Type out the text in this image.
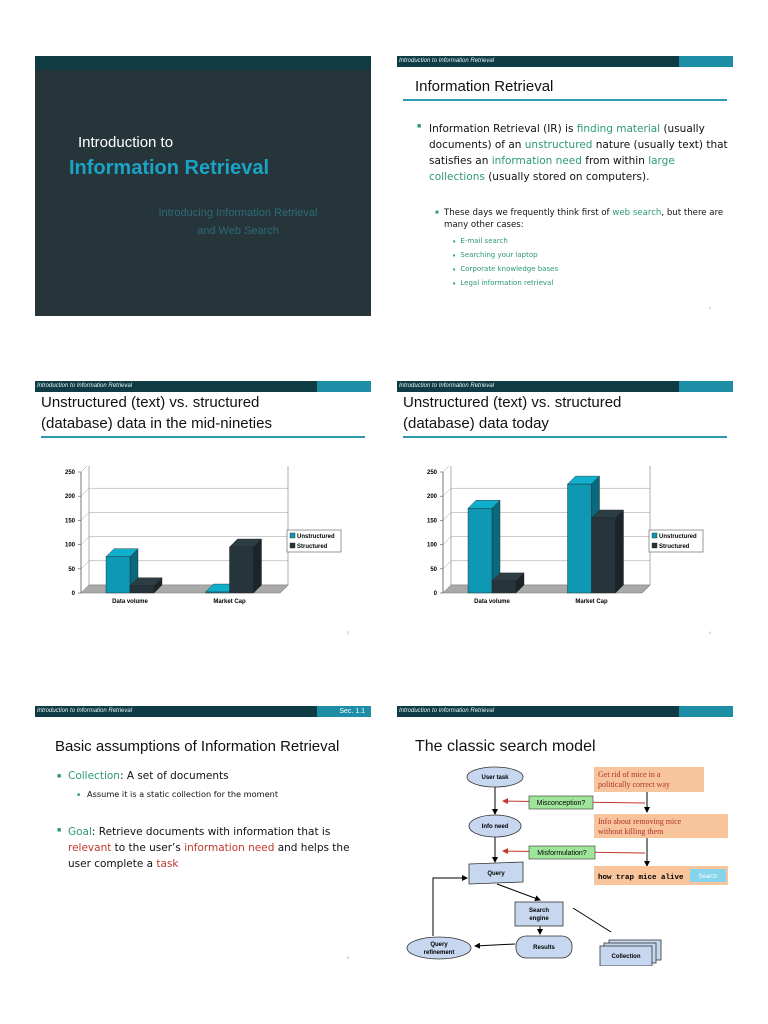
Introduction to
Information Retrieval
Introducing Information Retrieval
and Web Search
Introduction to Information Retrieval
Information Retrieval
■ Information Retrieval (IR) is finding material (usually documents) of an unstructured nature (usually text) that satisfies an information need from within large collections (usually stored on computers).
■ These days we frequently think first of web search, but there are many other cases:
■ E-mail search
■ Searching your laptop
■ Corporate knowledge bases
■ Legal information retrieval
2
Introduction to Information Retrieval
Unstructured (text) vs. structured
(database) data in the mid-nineties
0
50
100
150
200
250
Data volume	Market Cap
Unstructured
Structured
3
Introduction to Information Retrieval
Unstructured (text) vs. structured
(database) data today
0
50
100
150
200
250
Data volume	Market Cap
Unstructured
Structured
4
Introduction to Information Retrieval	Sec. 1.1
Basic assumptions of Information Retrieval
■ Collection: A set of documents
■ Assume it is a static collection for the moment
■ Goal: Retrieve documents with information that is relevant to the user’s information need and helps the user complete a task
5
Introduction to Information Retrieval
The classic search model
User task
Info need
Query
Search
engine
Results
Query
refinement
Collection
Misconception?
Misformulation?
Get rid of mice in a
politically correct way
Info about removing mice
without killing them
how trap mice alive Search
